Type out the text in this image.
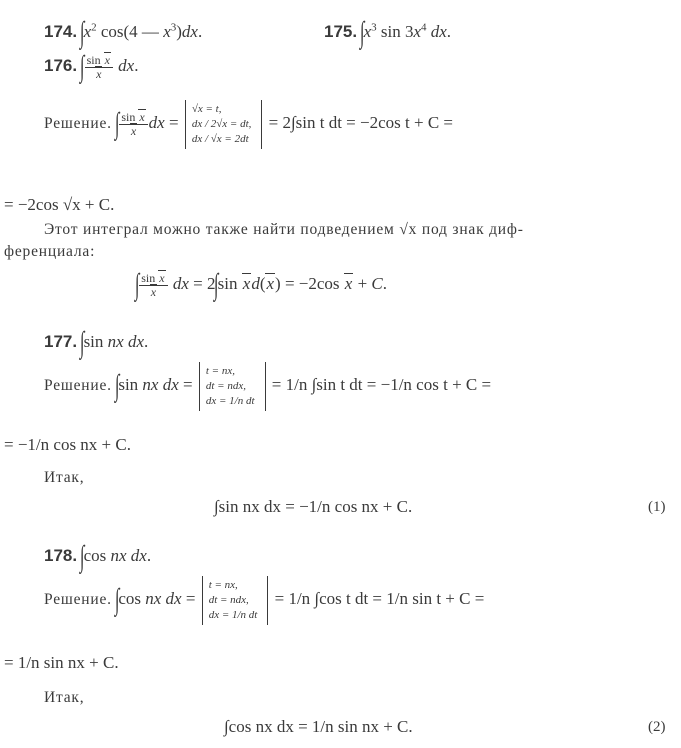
174. $\int x^2$ cos(4 — $x^3)dx$.	175. $\int x^3$ $\sin 3x^4$ dx.
176. ∫ $\frac{\text{sin x}}{x}$ dx.
Решение. ∫ $\frac{\text{sin x}}{x}$ dx =
√x = t,
dx / 2√x = dt,
dx / √x = 2dt
= 2∫sin t dt = −2cos t + C =
= −2cos √x + C.
Этот интеграл можно также найти подведением √x под знак диф-
ференциала:
∫ $\frac{\text{sin x}}{x}$ dx = 2∫sin xd(x) = −2cos x + C.
177. ∫sin nx dx.
Решение. ∫sin nx dx =
t = nx,
dt = ndx,
dx = 1/n dt
= 1/n ∫sin t dt = −1/n cos t + C =
= −1/n cos nx + C.
Итак,
∫sin nx dx = −1/n cos nx + C.	(1)
178. ∫cos nx dx.
Решение. ∫cos nx dx =
t = nx,
dt = ndx,
dx = 1/n dt
= 1/n ∫cos t dt = 1/n sin t + C =
= 1/n sin nx + C.
Итак,
∫cos nx dx = 1/n sin nx + C.	(2)
